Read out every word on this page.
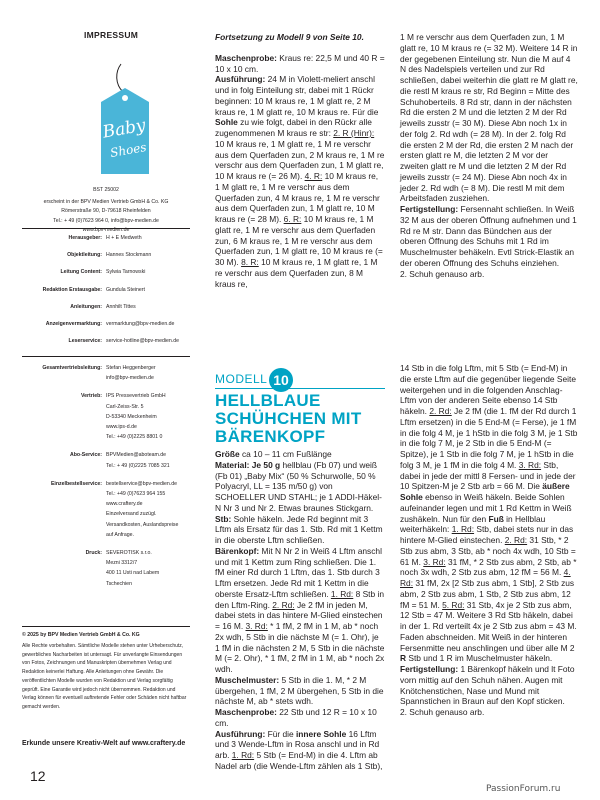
IMPRESSUM
Baby
Shoes
BST 25002
erscheint in der BPV Medien Vertrieb GmbH & Co. KG
Römerstraße 90, D-79618 Rheinfelden
Tel.: + 49 (0)7623 964 0, info@bpv-medien.de
www.bpv-medien.de
Herausgeber: H + E Medweth
Objektleitung: Hannes Stockmann
Leitung Content: Sylwia Tarnowski
Redaktion Erstausgabe: Gundula Steinert
Anleitungen: Annhilt Tittes
Anzeigenvermarktung: vermarktung@bpv-medien.de
Leserservice: service-hotline@bpv-medien.de
Gesamtvertriebsleitung: Stefan Heggenberger
info@bpv-medien.de
Vertrieb: IPS Pressevertrieb GmbH
Carl-Zeiss-Str. 5
D-53340 Meckenheim
www.ips-d.de
Tel.: +49 (0)2225 8801 0
Abo-Service: BPVMedien@aboteam.de
Tel.: + 49 (0)2225 7085 321
Einzelbestellservice: bestellservice@bpv-medien.de
Tel.: +49 (0)7623 964 155
www.craftery.de
Einzelversand zuzügl.
Versandkosten, Auslandspreise
auf Anfrage.
Druck: SEVEROTISK s.r.o.
Mezni 3312/7
400 11 Usti nad Labem
Tschechien
© 2025 by BPV Medien Vertrieb GmbH & Co. KG
Alle Rechte vorbehalten. Sämtliche Modelle stehen unter Urheberschutz, gewerbliches Nacharbeiten ist untersagt. Für unverlangte Einsendungen von Fotos, Zeichnungen und Manuskripten übernehmen Verlag und Redaktion keinerlei Haftung. Alle Anleitungen ohne Gewähr. Die veröffentlichten Modelle wurden von Redaktion und Verlag sorgfältig geprüft. Eine Garantie wird jedoch nicht übernommen. Redaktion und Verlag können für eventuell auftretende Fehler oder Schäden nicht haftbar gemacht werden.
Erkunde unsere Kreativ-Welt auf www.craftery.de
12

Fortsetzung zu Modell 9 von Seite 10.

Maschenprobe: Kraus re: 22,5 M und 40 R = 10 x 10 cm.

Ausführung: 24 M in Violett-meliert anschl und in folg Einteilung str, dabei mit 1 Rückr beginnen: 10 M kraus re, 1 M glatt re, 2 M kraus re, 1 M glatt re, 10 M kraus re. Für die Sohle zu wie folgt, dabei in den Rückr alle zugenommenen M kraus re str: 2. R (Hinr): 10 M kraus re, 1 M glatt re, 1 M re verschr aus dem Querfaden zun, 2 M kraus re, 1 M re verschr aus dem Querfaden zun, 1 M glatt re, 10 M kraus re (= 26 M). 4. R: 10 M kraus re, 1 M glatt re, 1 M re verschr aus dem Querfaden zun, 4 M kraus re, 1 M re verschr aus dem Querfaden zun, 1 M glatt re, 10 M kraus re (= 28 M). 6. R: 10 M kraus re, 1 M glatt re, 1 M re verschr aus dem Querfaden zun, 6 M kraus re, 1 M re verschr aus dem Querfaden zun, 1 M glatt re, 10 M kraus re (= 30 M). 8. R: 10 M kraus re, 1 M glatt re, 1 M re verschr aus dem Querfaden zun, 8 M kraus re,

1 M re verschr aus dem Querfaden zun, 1 M glatt re, 10 M kraus re (= 32 M). Weitere 14 R in der gegebenen Einteilung str. Nun die M auf 4 N des Nadelspiels verteilen und zur Rd schließen, dabei weiterhin die glatt re M glatt re, die restl M kraus re str, Rd Beginn = Mitte des Schuhoberteils. 8 Rd str, dann in der nächsten Rd die ersten 2 M und die letzten 2 M der Rd jeweils zusstr (= 30 M). Diese Abn noch 1x in der folg 2. Rd wdh (= 28 M). In der 2. folg Rd die ersten 2 M der Rd, die ersten 2 M nach der ersten glatt re M, die letzten 2 M vor der zweiten glatt re M und die letzten 2 M der Rd jeweils zusstr (= 24 M). Diese Abn noch 4x in jeder 2. Rd wdh (= 8 M). Die restl M mit dem Arbeitsfaden zusziehen.

Fertigstellung: Fersennaht schließen. In Weiß 32 M aus der oberen Öffnung aufnehmen und 1 Rd re M str. Dann das Bündchen aus der oberen Öffnung des Schuhs mit 1 Rd im Muschelmuster behäkeln. Evtl Strick-Elastik an der oberen Öffnung des Schuhs einziehen.

2. Schuh genauso arb.

MODELL 10
HELLBLAUE
SCHÜHCHEN MIT
BÄRENKOPF

Größe ca 10 – 11 cm Fußlänge

Material: Je 50 g hellblau (Fb 07) und weiß (Fb 01) „Baby Mix“ (50 % Schurwolle, 50 % Polyacryl, LL = 135 m/50 g) von SCHOELLER UND STAHL; je 1 ADDI-Häkel-N Nr 3 und Nr 2. Etwas braunes Stickgarn.

Stb: Sohle häkeln. Jede Rd beginnt mit 3 Lftm als Ersatz für das 1. Stb. Rd mit 1 Kettm in die oberste Lftm schließen.

Bärenkopf: Mit N Nr 2 in Weiß 4 Lftm anschl und mit 1 Kettm zum Ring schließen. Die 1. fM einer Rd durch 1 Lftm, das 1. Stb durch 3 Lftm ersetzen. Jede Rd mit 1 Kettm in die oberste Ersatz-Lftm schließen. 1. Rd: 8 Stb in den Lftm-Ring. 2. Rd: Je 2 fM in jeden M, dabei stets in das hintere M-Glied einstechen = 16 M. 3. Rd: * 1 fM, 2 fM in 1 M, ab * noch 2x wdh, 5 Stb in die nächste M (= 1. Ohr), je 1 fM in die nächsten 2 M, 5 Stb in die nächste M (= 2. Ohr), * 1 fM, 2 fM in 1 M, ab * noch 2x wdh.

Muschelmuster: 5 Stb in die 1. M, * 2 M übergehen, 1 fM, 2 M übergehen, 5 Stb in die nächste M, ab * stets wdh.

Maschenprobe: 22 Stb und 12 R = 10 x 10 cm.

Ausführung: Für die innere Sohle 16 Lftm und 3 Wende-Lftm in Rosa anschl und in Rd arb. 1. Rd: 5 Stb (= End-M) in die 4. Lftm ab Nadel arb (die Wende-Lftm zählen als 1 Stb),

14 Stb in die folg Lftm, mit 5 Stb (= End-M) in die erste Lftm auf die gegenüber liegende Seite weitergehen und in die folgenden Anschlag-Lftm von der anderen Seite ebenso 14 Stb häkeln. 2. Rd: Je 2 fM (die 1. fM der Rd durch 1 Lftm ersetzen) in die 5 End-M (= Ferse), je 1 fM in die folg 4 M, je 1 hStb in die folg 3 M, je 1 Stb in die folg 7 M, je 2 Stb in die 5 End-M (= Spitze), je 1 Stb in die folg 7 M, je 1 hStb in die folg 3 M, je 1 fM in die folg 4 M. 3. Rd: Stb, dabei in jede der mittl 8 Fersen- und in jede der 10 Spitzen-M je 2 Stb arb = 66 M. Die äußere Sohle ebenso in Weiß häkeln. Beide Sohlen aufeinander legen und mit 1 Rd Kettm in Weiß zushäkeln. Nun für den Fuß in Hellblau weiterhäkeln: 1. Rd: Stb, dabei stets nur in das hintere M-Glied einstechen. 2. Rd: 31 Stb, * 2 Stb zus abm, 3 Stb, ab * noch 4x wdh, 10 Stb = 61 M. 3. Rd: 31 fM, * 2 Stb zus abm, 2 Stb, ab * noch 3x wdh, 2 Stb zus abm, 12 fM = 56 M. 4. Rd: 31 fM, 2x [2 Stb zus abm, 1 Stb], 2 Stb zus abm, 2 Stb zus abm, 1 Stb, 2 Stb zus abm, 12 fM = 51 M. 5. Rd: 31 Stb, 4x je 2 Stb zus abm, 12 Stb = 47 M. Weitere 3 Rd Stb häkeln, dabei in der 1. Rd verteilt 4x je 2 Stb zus abm = 43 M. Faden abschneiden. Mit Weiß in der hinteren Fersenmitte neu anschlingen und über alle M 2 R Stb und 1 R im Muschelmuster häkeln.

Fertigstellung: 1 Bärenkopf häkeln und lt Foto vorn mittig auf den Schuh nähen. Augen mit Knötchenstichen, Nase und Mund mit Spannstichen in Braun auf den Kopf sticken.

2. Schuh genauso arb.

PassionForum.ru
